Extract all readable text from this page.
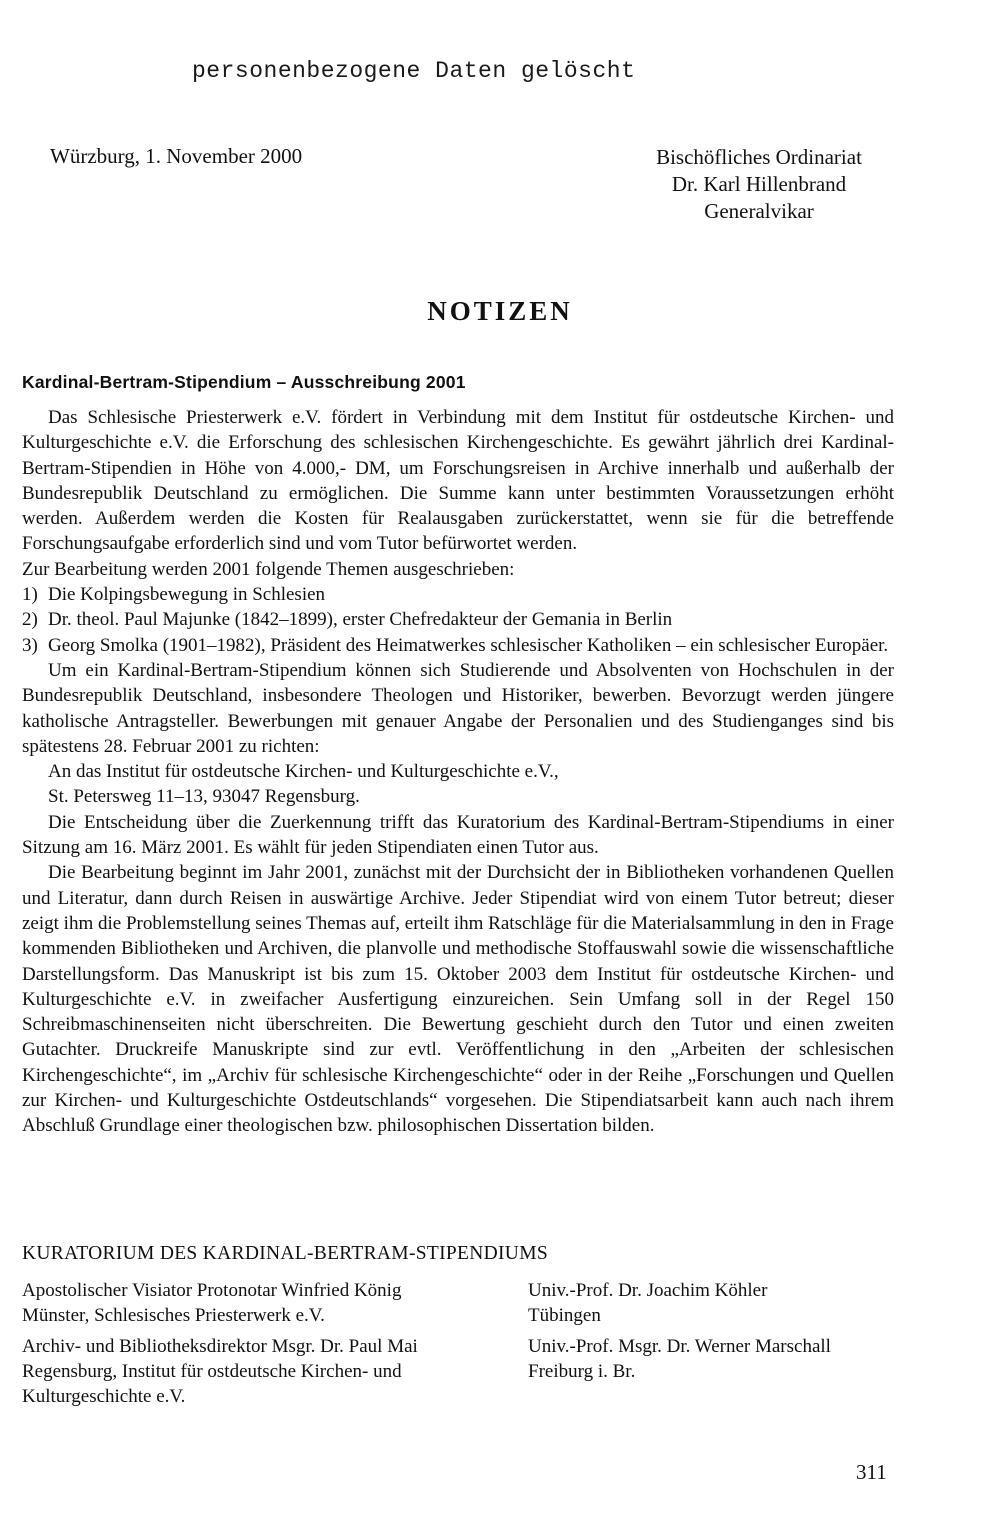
personenbezogene Daten gelöscht
Würzburg, 1. November 2000	Bischöfliches Ordinariat
Dr. Karl Hillenbrand
Generalvikar
NOTIZEN
Kardinal-Bertram-Stipendium – Ausschreibung 2001

Das Schlesische Priesterwerk e.V. fördert in Verbindung mit dem Institut für ostdeutsche Kirchen- und Kulturgeschichte e.V. die Erforschung des schlesischen Kirchengeschichte. Es gewährt jährlich drei Kardinal-Bertram-Stipendien in Höhe von 4.000,- DM, um Forschungsreisen in Archive innerhalb und außerhalb der Bundesrepublik Deutschland zu ermöglichen. Die Summe kann unter bestimmten Voraussetzungen erhöht werden. Außerdem werden die Kosten für Realausgaben zurückerstattet, wenn sie für die betreffende Forschungsaufgabe erforderlich sind und vom Tutor befürwortet werden.

Zur Bearbeitung werden 2001 folgende Themen ausgeschrieben:

1) Die Kolpingsbewegung in Schlesien

2) Dr. theol. Paul Majunke (1842–1899), erster Chefredakteur der Gemania in Berlin

3) Georg Smolka (1901–1982), Präsident des Heimatwerkes schlesischer Katholiken – ein schlesischer Europäer.

Um ein Kardinal-Bertram-Stipendium können sich Studierende und Absolventen von Hochschulen in der Bundesrepublik Deutschland, insbesondere Theologen und Historiker, bewerben. Bevorzugt werden jüngere katholische Antragsteller. Bewerbungen mit genauer Angabe der Personalien und des Studienganges sind bis spätestens 28. Februar 2001 zu richten:

An das Institut für ostdeutsche Kirchen- und Kulturgeschichte e.V.,

St. Petersweg 11–13, 93047 Regensburg.

Die Entscheidung über die Zuerkennung trifft das Kuratorium des Kardinal-Bertram-Stipendiums in einer Sitzung am 16. März 2001. Es wählt für jeden Stipendiaten einen Tutor aus.

Die Bearbeitung beginnt im Jahr 2001, zunächst mit der Durchsicht der in Bibliotheken vorhandenen Quellen und Literatur, dann durch Reisen in auswärtige Archive. Jeder Stipendiat wird von einem Tutor betreut; dieser zeigt ihm die Problemstellung seines Themas auf, erteilt ihm Ratschläge für die Materialsammlung in den in Frage kommenden Bibliotheken und Archiven, die planvolle und methodische Stoffauswahl sowie die wissenschaftliche Darstellungsform. Das Manuskript ist bis zum 15. Oktober 2003 dem Institut für ostdeutsche Kirchen- und Kulturgeschichte e.V. in zweifacher Ausfertigung einzureichen. Sein Umfang soll in der Regel 150 Schreibmaschinenseiten nicht überschreiten. Die Bewertung geschieht durch den Tutor und einen zweiten Gutachter. Druckreife Manuskripte sind zur evtl. Veröffentlichung in den „Arbeiten der schlesischen Kirchengeschichte“, im „Archiv für schlesische Kirchengeschichte“ oder in der Reihe „Forschungen und Quellen zur Kirchen- und Kulturgeschichte Ostdeutschlands“ vorgesehen. Die Stipendiatsarbeit kann auch nach ihrem Abschluß Grundlage einer theologischen bzw. philosophischen Dissertation bilden.

KURATORIUM DES KARDINAL-BERTRAM-STIPENDIUMS
Apostolischer Visiator Protonotar Winfried König
Münster, Schlesisches Priesterwerk e.V.
Univ.-Prof. Dr. Joachim Köhler
Tübingen
Archiv- und Bibliotheksdirektor Msgr. Dr. Paul Mai
Regensburg, Institut für ostdeutsche Kirchen- und
Kulturgeschichte e.V.
Univ.-Prof. Msgr. Dr. Werner Marschall
Freiburg i. Br.
311
